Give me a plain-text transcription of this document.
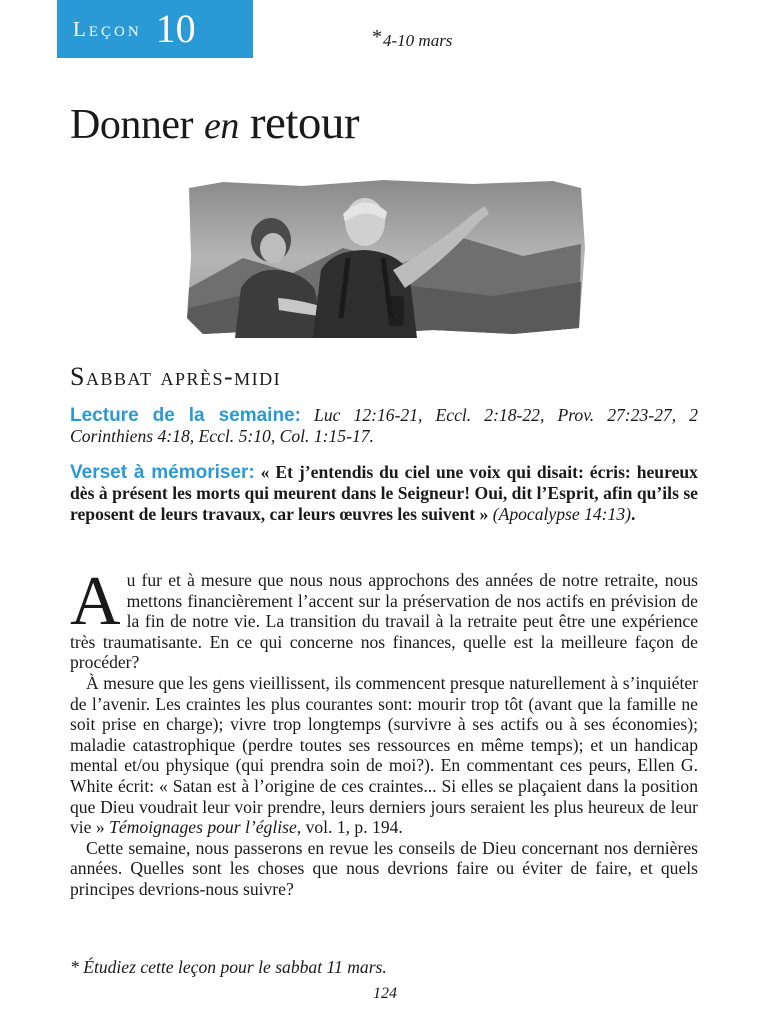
Leçon 10	*4-10 mars
Donner en retour
Sabbat après-midi
Lecture de la semaine: Luc 12:16-21, Eccl. 2:18-22, Prov. 27:23-27, 2 Corinthiens 4:18, Eccl. 5:10, Col. 1:15-17.
Verset à mémoriser: « Et j’entendis du ciel une voix qui disait: écris: heureux dès à présent les morts qui meurent dans le Seigneur! Oui, dit l’Esprit, afin qu’ils se reposent de leurs travaux, car leurs œuvres les suivent » (Apocalypse 14:13).

Au fur et à mesure que nous nous approchons des années de notre retraite, nous mettons financièrement l’accent sur la préservation de nos actifs en prévision de la fin de notre vie. La transition du travail à la retraite peut être une expérience très traumatisante. En ce qui concerne nos finances, quelle est la meilleure façon de procéder?

À mesure que les gens vieillissent, ils commencent presque naturellement à s’inquiéter de l’avenir. Les craintes les plus courantes sont: mourir trop tôt (avant que la famille ne soit prise en charge); vivre trop longtemps (survivre à ses actifs ou à ses économies); maladie catastrophique (perdre toutes ses ressources en même temps); et un handicap mental et/ou physique (qui prendra soin de moi?). En commentant ces peurs, Ellen G. White écrit: « Satan est à l’origine de ces craintes... Si elles se plaçaient dans la position que Dieu voudrait leur voir prendre, leurs derniers jours seraient les plus heureux de leur vie » Témoignages pour l’église, vol. 1, p. 194.

Cette semaine, nous passerons en revue les conseils de Dieu concernant nos dernières années. Quelles sont les choses que nous devrions faire ou éviter de faire, et quels principes devrions-nous suivre?

* Étudiez cette leçon pour le sabbat 11 mars.
124
